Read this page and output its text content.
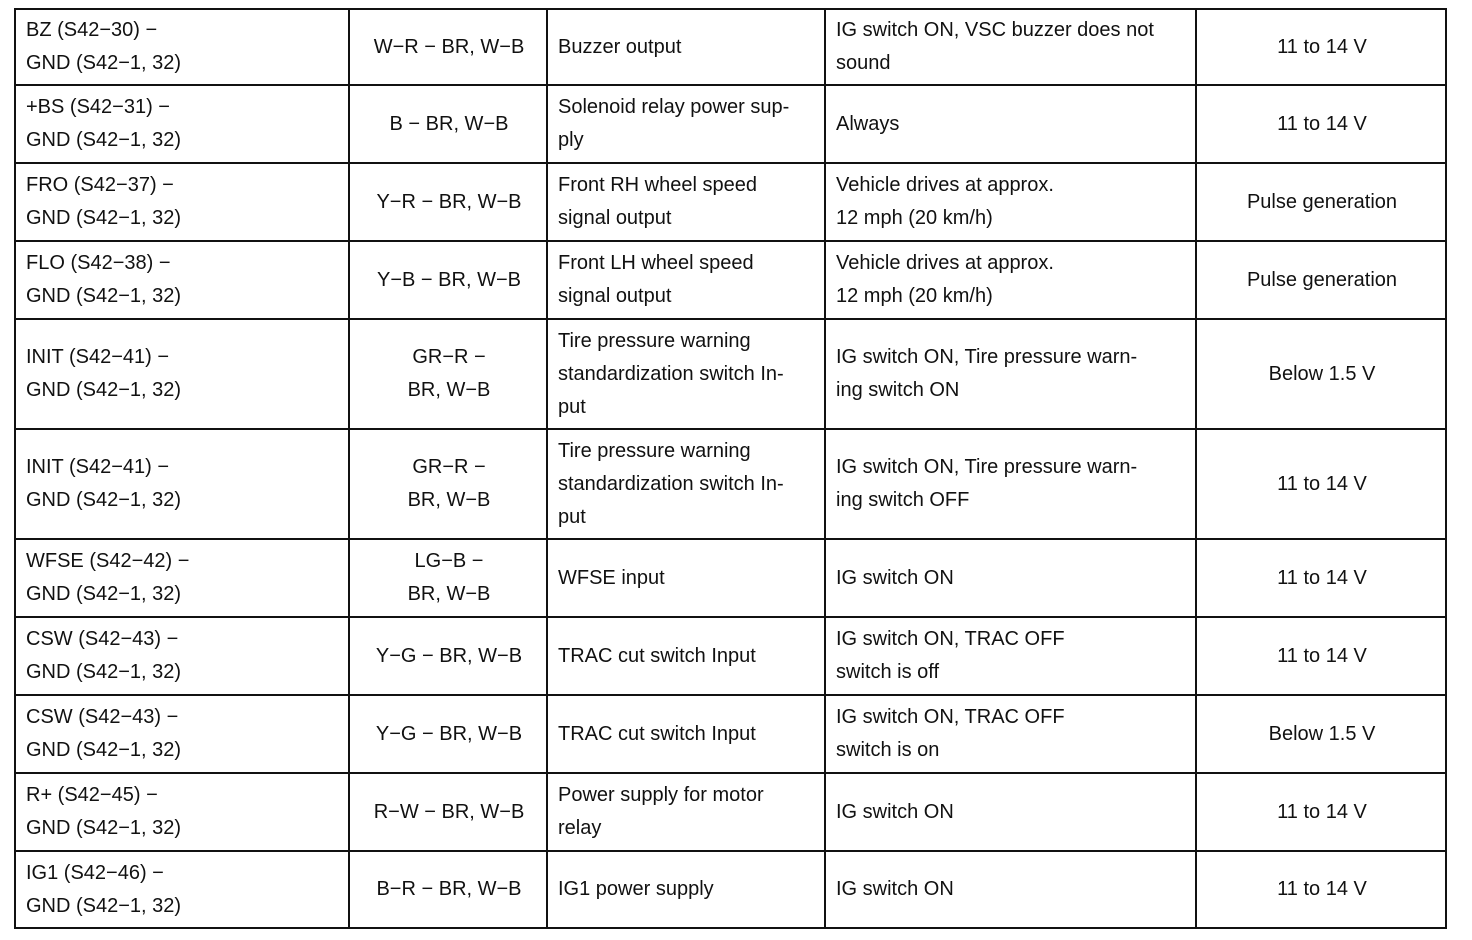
BZ (S42−30) −
GND (S42−1, 32)	W−R − BR, W−B	Buzzer output	IG switch ON, VSC buzzer does not
sound	11 to 14 V

+BS (S42−31) −
GND (S42−1, 32)	B − BR, W−B	Solenoid relay power sup-
ply	Always	11 to 14 V

FRO (S42−37) −
GND (S42−1, 32)	Y−R − BR, W−B	Front RH wheel speed
signal output	Vehicle drives at approx.
12 mph (20 km/h)	Pulse generation

FLO (S42−38) −
GND (S42−1, 32)	Y−B − BR, W−B	Front LH wheel speed
signal output	Vehicle drives at approx.
12 mph (20 km/h)	Pulse generation

INIT (S42−41) −
GND (S42−1, 32)	GR−R −
BR, W−B	Tire pressure warning
standardization switch In-
put	IG switch ON, Tire pressure warn-
ing switch ON	Below 1.5 V

INIT (S42−41) −
GND (S42−1, 32)	GR−R −
BR, W−B	Tire pressure warning
standardization switch In-
put	IG switch ON, Tire pressure warn-
ing switch OFF	11 to 14 V

WFSE (S42−42) −
GND (S42−1, 32)	LG−B −
BR, W−B	WFSE input	IG switch ON	11 to 14 V

CSW (S42−43) −
GND (S42−1, 32)	Y−G − BR, W−B	TRAC cut switch Input	IG switch ON, TRAC OFF
switch is off	11 to 14 V

CSW (S42−43) −
GND (S42−1, 32)	Y−G − BR, W−B	TRAC cut switch Input	IG switch ON, TRAC OFF
switch is on	Below 1.5 V

R+ (S42−45) −
GND (S42−1, 32)	R−W − BR, W−B	Power supply for motor
relay	IG switch ON	11 to 14 V

IG1 (S42−46) −
GND (S42−1, 32)	B−R − BR, W−B	IG1 power supply	IG switch ON	11 to 14 V
